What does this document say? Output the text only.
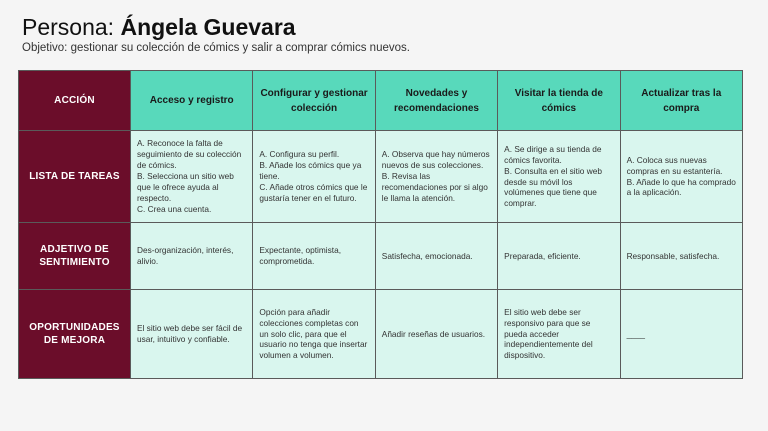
Persona: Ángela Guevara
Objetivo: gestionar su colección de cómics y salir a comprar cómics nuevos.
ACCIÓN	Acceso y registro	Configurar y gestionar colección	Novedades y recomendaciones	Visitar la tienda de cómics	Actualizar tras la compra
LISTA DE TAREAS	A. Reconoce la falta de seguimiento de su colección de cómics.
B. Selecciona un sitio web que le ofrece ayuda al respecto.
C. Crea una cuenta.	A. Configura su perfil.
B. Añade los cómics que ya tiene.
C. Añade otros cómics que le gustaría tener en el futuro.	A. Observa que hay números nuevos de sus colecciones.
B. Revisa las recomendaciones por si algo le llama la atención.	A. Se dirige a su tienda de cómics favorita.
B. Consulta en el sitio web desde su móvil los volúmenes que tiene que comprar.	A. Coloca sus nuevas compras en su estantería.
B. Añade lo que ha comprado a la aplicación.

ADJETIVO DE SENTIMIENTO	Des-organización, interés, alivio.	Expectante, optimista, comprometida.	Satisfecha, emocionada.	Preparada, eficiente.	Responsable, satisfecha.

OPORTUNIDADES DE MEJORA	El sitio web debe ser fácil de usar, intuitivo y confiable.	Opción para añadir colecciones completas con un solo clic, para que el usuario no tenga que insertar volumen a volumen.	Añadir reseñas de usuarios.	El sitio web debe ser responsivo para que se pueda acceder independientemente del dispositivo.	____
